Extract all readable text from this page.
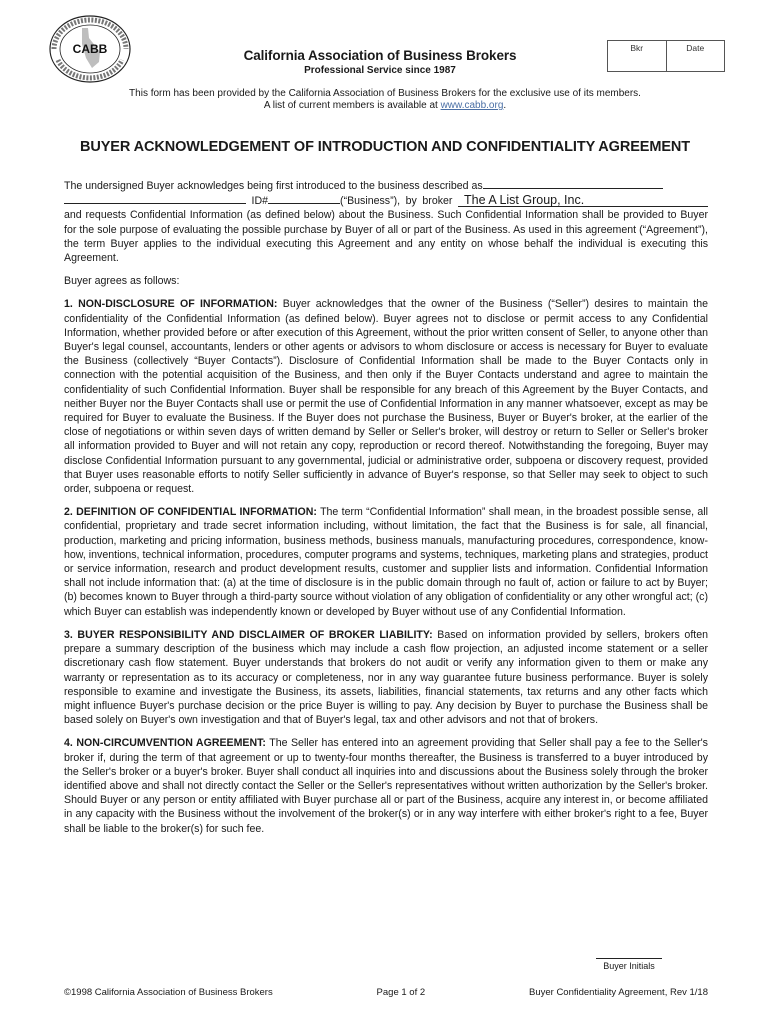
CABB	California Association of Business Brokers
Professional Service since 1987
Bkr	Date
This form has been provided by the California Association of Business Brokers for the exclusive use of its members.
A list of current members is available at www.cabb.org.
BUYER ACKNOWLEDGEMENT OF INTRODUCTION AND CONFIDENTIALITY AGREEMENT

The undersigned Buyer acknowledges being first introduced to the business described as
ID#	(“Business”), by broker The A List Group, Inc. and requests Confidential Information (as defined below) about the Business. Such Confidential Information shall be provided to Buyer for the sole purpose of evaluating the possible purchase by Buyer of all or part of the Business. As used in this agreement (“Agreement”), the term Buyer applies to the individual executing this Agreement and any entity on whose behalf the individual is executing this Agreement.

Buyer agrees as follows:

1. NON-DISCLOSURE OF INFORMATION: Buyer acknowledges that the owner of the Business (“Seller”) desires to maintain the confidentiality of the Confidential Information (as defined below). Buyer agrees not to disclose or permit access to any Confidential Information, whether provided before or after execution of this Agreement, without the prior written consent of Seller, to anyone other than Buyer's legal counsel, accountants, lenders or other agents or advisors to whom disclosure or access is necessary for Buyer to evaluate the Business (collectively “Buyer Contacts”). Disclosure of Confidential Information shall be made to the Buyer Contacts only in connection with the potential acquisition of the Business, and then only if the Buyer Contacts understand and agree to maintain the confidentiality of such Confidential Information. Buyer shall be responsible for any breach of this Agreement by the Buyer Contacts, and neither Buyer nor the Buyer Contacts shall use or permit the use of Confidential Information in any manner whatsoever, except as may be required for Buyer to evaluate the Business. If the Buyer does not purchase the Business, Buyer or Buyer's broker, at the earlier of the close of negotiations or within seven days of written demand by Seller or Seller's broker, will destroy or return to Seller or Seller's broker all information provided to Buyer and will not retain any copy, reproduction or record thereof. Notwithstanding the foregoing, Buyer may disclose Confidential Information pursuant to any governmental, judicial or administrative order, subpoena or discovery request, provided that Buyer uses reasonable efforts to notify Seller sufficiently in advance of Buyer's response, so that Seller may seek to object to such order, subpoena or request.

2. DEFINITION OF CONFIDENTIAL INFORMATION: The term “Confidential Information” shall mean, in the broadest possible sense, all confidential, proprietary and trade secret information including, without limitation, the fact that the Business is for sale, all financial, production, marketing and pricing information, business methods, business manuals, manufacturing procedures, correspondence, know-how, inventions, technical information, procedures, computer programs and systems, techniques, marketing plans and strategies, product or service information, research and product development results, customer and supplier lists and information. Confidential Information shall not include information that: (a) at the time of disclosure is in the public domain through no fault of, action or failure to act by Buyer; (b) becomes known to Buyer through a third-party source without violation of any obligation of confidentiality or any other wrongful act; (c) which Buyer can establish was independently known or developed by Buyer without use of any Confidential Information.

3. BUYER RESPONSIBILITY AND DISCLAIMER OF BROKER LIABILITY: Based on information provided by sellers, brokers often prepare a summary description of the business which may include a cash flow projection, an adjusted income statement or a seller discretionary cash flow statement. Buyer understands that brokers do not audit or verify any information given to them or make any warranty or representation as to its accuracy or completeness, nor in any way guarantee future business performance. Buyer is solely responsible to examine and investigate the Business, its assets, liabilities, financial statements, tax returns and any other facts which might influence Buyer's purchase decision or the price Buyer is willing to pay. Any decision by Buyer to purchase the Business shall be based solely on Buyer's own investigation and that of Buyer's legal, tax and other advisors and not that of brokers.

4. NON-CIRCUMVENTION AGREEMENT: The Seller has entered into an agreement providing that Seller shall pay a fee to the Seller's broker if, during the term of that agreement or up to twenty-four months thereafter, the Business is transferred to a buyer introduced by the Seller's broker or a buyer's broker. Buyer shall conduct all inquiries into and discussions about the Business solely through the broker identified above and shall not directly contact the Seller or the Seller's representatives without written authorization by the Seller's broker. Should Buyer or any person or entity affiliated with Buyer purchase all or part of the Business, acquire any interest in, or become affiliated in any capacity with the Business without the involvement of the broker(s) or in any way interfere with either broker's right to a fee, Buyer shall be liable to the broker(s) for such fee.

Buyer Initials
©1998 California Association of Business Brokers	Page 1 of 2	Buyer Confidentiality Agreement, Rev 1/18
